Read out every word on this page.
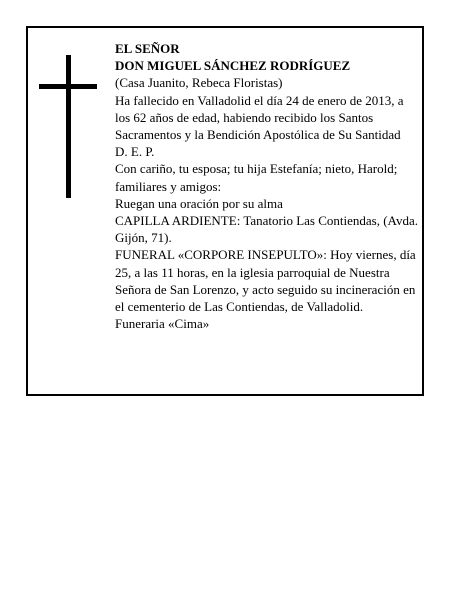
EL SEÑOR
DON MIGUEL SÁNCHEZ RODRÍGUEZ
(Casa Juanito, Rebeca Floristas)
Ha fallecido en Valladolid el día 24 de enero de 2013, a los 62 años de edad, habiendo recibido los Santos Sacramentos y la Bendición Apostólica de Su Santidad
D. E. P.
Con cariño, tu esposa; tu hija Estefanía; nieto, Harold; familiares y amigos:
Ruegan una oración por su alma
CAPILLA ARDIENTE: Tanatorio Las Contiendas, (Avda. Gijón, 71).
FUNERAL «CORPORE INSEPULTO»: Hoy viernes, día 25, a las 11 horas, en la iglesia parroquial de Nuestra Señora de San Lorenzo, y acto seguido su incineración en el cementerio de Las Contiendas, de Valladolid.
Funeraria «Cima»
